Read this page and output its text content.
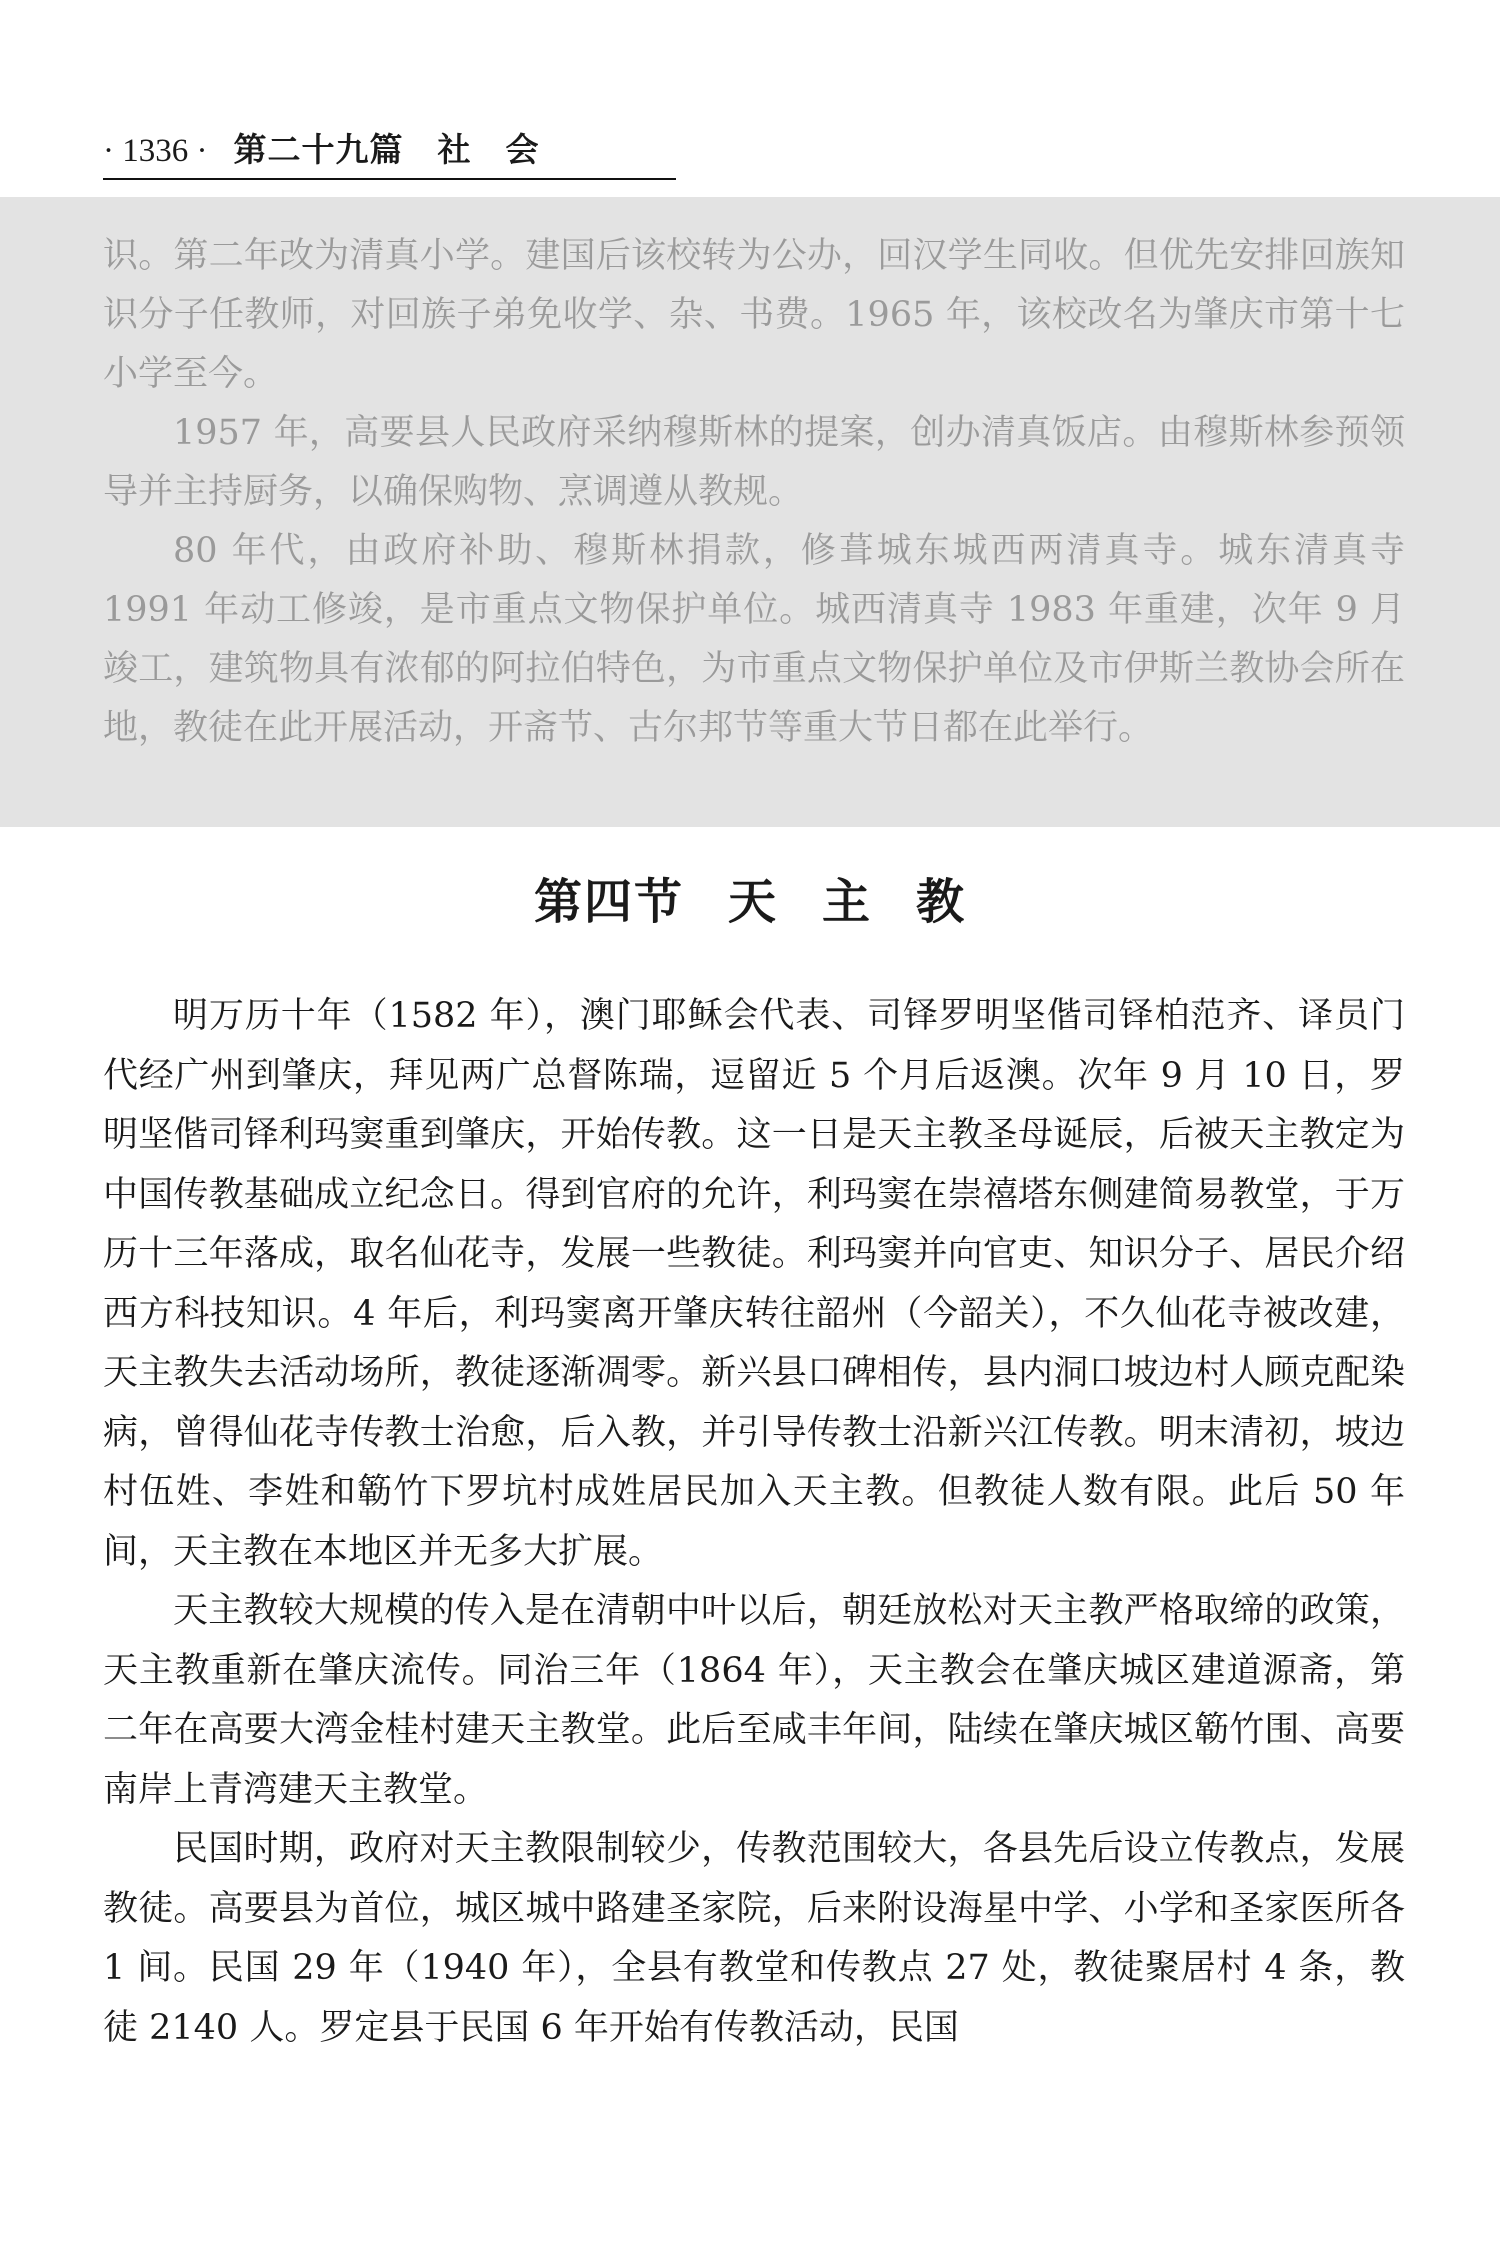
· 1336 · 第二十九篇　社　会

识。第二年改为清真小学。建国后该校转为公办，回汉学生同收。但优先安排回族知识分子任教师，对回族子弟免收学、杂、书费。1965 年，该校改名为肇庆市第十七小学至今。

1957 年，高要县人民政府采纳穆斯林的提案，创办清真饭店。由穆斯林参预领导并主持厨务，以确保购物、烹调遵从教规。

80 年代，由政府补助、穆斯林捐款，修葺城东城西两清真寺。城东清真寺 1991 年动工修竣，是市重点文物保护单位。城西清真寺 1983 年重建，次年 9 月竣工，建筑物具有浓郁的阿拉伯特色，为市重点文物保护单位及市伊斯兰教协会所在地，教徒在此开展活动，开斋节、古尔邦节等重大节日都在此举行。

第四节 天 主 教

明万历十年（1582 年），澳门耶稣会代表、司铎罗明坚偕司铎柏范齐、译员门代经广州到肇庆，拜见两广总督陈瑞，逗留近 5 个月后返澳。次年 9 月 10 日，罗明坚偕司铎利玛窦重到肇庆，开始传教。这一日是天主教圣母诞辰，后被天主教定为中国传教基础成立纪念日。得到官府的允许，利玛窦在崇禧塔东侧建简易教堂，于万历十三年落成，取名仙花寺，发展一些教徒。利玛窦并向官吏、知识分子、居民介绍西方科技知识。4 年后，利玛窦离开肇庆转往韶州（今韶关），不久仙花寺被改建，天主教失去活动场所，教徒逐渐凋零。新兴县口碑相传，县内洞口坡边村人顾克配染病，曾得仙花寺传教士治愈，后入教，并引导传教士沿新兴江传教。明末清初，坡边村伍姓、李姓和簕竹下罗坑村成姓居民加入天主教。但教徒人数有限。此后 50 年间，天主教在本地区并无多大扩展。

天主教较大规模的传入是在清朝中叶以后，朝廷放松对天主教严格取缔的政策，天主教重新在肇庆流传。同治三年（1864 年），天主教会在肇庆城区建道源斋，第二年在高要大湾金桂村建天主教堂。此后至咸丰年间，陆续在肇庆城区簕竹围、高要南岸上青湾建天主教堂。

民国时期，政府对天主教限制较少，传教范围较大，各县先后设立传教点，发展教徒。高要县为首位，城区城中路建圣家院，后来附设海星中学、小学和圣家医所各 1 间。民国 29 年（1940 年），全县有教堂和传教点 27 处，教徒聚居村 4 条，教徒 2140 人。罗定县于民国 6 年开始有传教活动，民国
